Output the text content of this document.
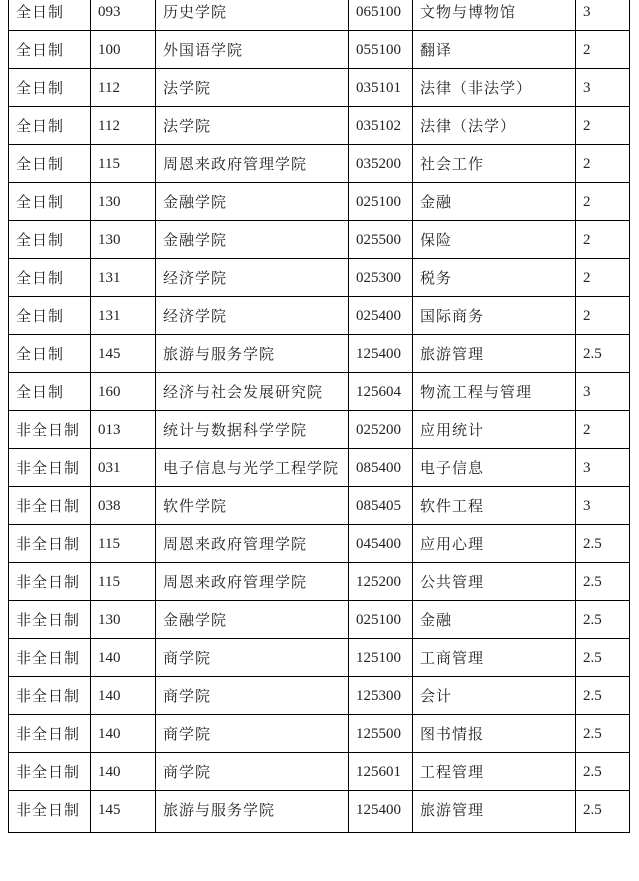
全日制	093	历史学院	065100	文物与博物馆	3
全日制	100	外国语学院	055100	翻译	2
全日制	112	法学院	035101	法律（非法学）	3
全日制	112	法学院	035102	法律（法学）	2
全日制	115	周恩来政府管理学院	035200	社会工作	2
全日制	130	金融学院	025100	金融	2
全日制	130	金融学院	025500	保险	2
全日制	131	经济学院	025300	税务	2
全日制	131	经济学院	025400	国际商务	2
全日制	145	旅游与服务学院	125400	旅游管理	2.5
全日制	160	经济与社会发展研究院	125604	物流工程与管理	3
非全日制	013	统计与数据科学学院	025200	应用统计	2
非全日制	031	电子信息与光学工程学院	085400	电子信息	3
非全日制	038	软件学院	085405	软件工程	3
非全日制	115	周恩来政府管理学院	045400	应用心理	2.5
非全日制	115	周恩来政府管理学院	125200	公共管理	2.5
非全日制	130	金融学院	025100	金融	2.5
非全日制	140	商学院	125100	工商管理	2.5
非全日制	140	商学院	125300	会计	2.5
非全日制	140	商学院	125500	图书情报	2.5
非全日制	140	商学院	125601	工程管理	2.5
非全日制	145	旅游与服务学院	125400	旅游管理	2.5
